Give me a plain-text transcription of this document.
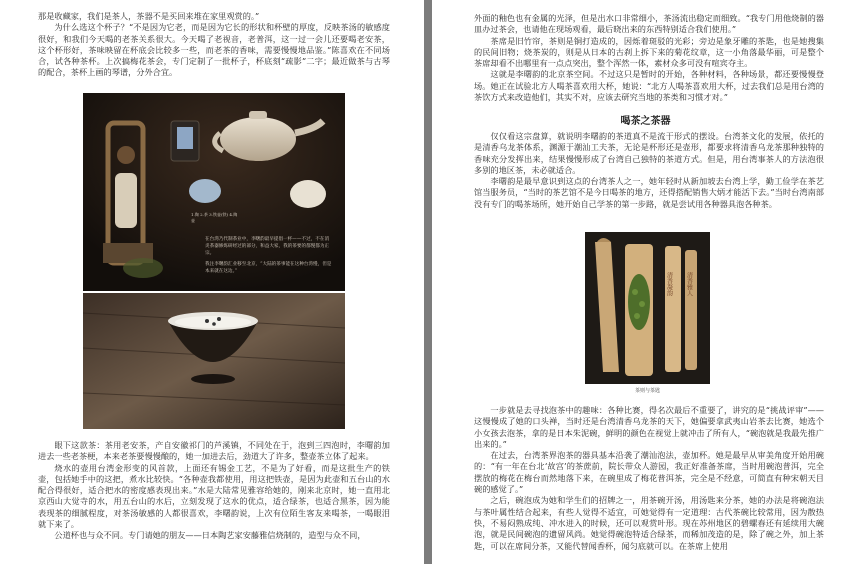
那是收藏家，我们是茶人，茶器不是买回来堆在家里观赏的。”

为什么选这个杯子？“不是因为它老，而是因为它长的形状和杯壁的厚度，反映茶汤的敏感度很好，和我们今天喝的老茶关系很大。今天喝了老视音，老普洱，这一过一会儿还要喝老安茶，这个杯形好，茶味映留在杯底会比较多一些，而老茶的香味，需要慢慢地品鉴。”陈喜欢在不同场合，试各种茶杯。上次搞梅花茶会，专门定制了一批杯子，杯底刻“疏影”二字；最近做茶与古琴的配合，茶杯上画的琴谱，分外合宜。

眼下这款茶：茶用老安茶，产自安徽祁门的芦溪镇，不同处在于，泡到三四泡时，李曙韵加进去一些老茶梗，本来老茶要慢慢酿的，她一加进去后，劲道大了许多，整壶茶立体了起来。

烧水的壶用台湾金形变的风首款，上面还有锡金工艺，不是为了好看，而是这批生产的铁壶，包括她手中的这把，煮水比较快。“各种壶我都使用，用这把铁壶，是因为此壶和五台山的水配合得很好，适合把水的密度感表现出来。”水是大陆常见雅容给她的，刚来北京时，她一直用北京西山大觉寺的水，用五台山的水后，立刻发现了这水的优点，适合绿茶，也适合黑茶，因为能表现茶的细腻程度，对茶汤敏感的人都很喜欢，李曙韵说，上次有位陌生客友来喝茶，一喝眼泪就下来了。

公道杯也与众不同。专门请她的朋友——日本陶艺家安藤雅信烧制的，造型与众不同，

外面的釉色也有金属的光泽，但是出水口非常细小，茶汤流出稳定而细致。“我专门用他烧制的器皿办过茶会，也请他在现场观看，最后晓出来的东西特别适合我们使用。”

茶席是旧竹帘，茶则是铜打造成的，因烁着斑驳的光彩；旁边是象牙雕的茶匙，也是她搜集的民间旧物；烧茶炭的，则是从日本的古刹上拆下来的菊花纹章，这一小角落最华丽，可是整个茶席却看不出哪里有一点点突出，整个浑然一体，素材众多可没有喧宾夺主。

这就是李曙韵的北京茶空间。不过这只是暂时的开始，各种材料，各种场景，都还要慢慢登场。她正在试验北方人喝茶喜欢用大杯，她说：“北方人喝茶喜欢用大杯，过去我们总是用台湾的茶饮方式来改造他们，其实不对，应该去研究当地的茶类和习惯才对。”

仅仅看这宗盘算，就说明李曙韵的茶道真不是流于形式的摆设。台湾茶文化的发展，依托的是清香乌龙茶体系，渊源于潮汕工夫茶，无论是杯形还是壶形，都要求将清香乌龙茶那种独特的香味充分发挥出来，结果慢慢形成了台湾自己独特的茶道方式。但是，用台湾事茶人的方法泡很多别的地区茶，未必就适合。

李曙韵是最早意识到这点的台湾茶人之一，她年轻时从新加坡去台湾上学，勤工俭学在茶艺馆当服务员，“当时的茶艺馆不是今日喝茶的地方，还得搭配销售大炳才能活下去。”当时台湾南部没有专门的喝茶场所，她开始自己学茶的第一步路，就是尝试用各种器具泡各种茶。

一步就是去寻找泡茶中的趣味：各种比赛，得名次最后不重要了，讲究的是“挑战评审”——这慢慢成了她的口头禅，当时还是台湾清香乌龙茶的天下，她偏要拿武夷山岩茶去比赛，她选个小女孩去泡茶，拿的是日本朱泥碗，鲜明的颜色在视觉上就冲击了所有人，“碗泡就是我最先推广出来的。”

在过去，台湾茶界泡茶的器具基本沿袭了潮汕泡法，壶加杯。她是最早从审美角度开始用碗的：“有一年在台北‘故宫’的茶蔗前，院长带众人游园，我正好准备茶席，当时用碗泡普洱，完全摆放的梅花在梅台而然地落下来，在碗里成了梅花普洱茶，完全是不经意，可简直有种宋朝天目碗的感觉了。”

之后，碗泡成为她和学生们的招牌之一，用茶碗开汤，用汤匙来分茶，她的办法是将碗泡法与茶叶属性结合起来，有些人觉得不适宜，可她觉得有一定道理：古代茶碗比较常用，因为散热快，不易闷熟成纯、冲水进入的时候，还可以观赏叶形。现在苏州地区的碧螺春还有延续用大碗泡，就是民间碗泡的遗留风尚。她觉得碗泡特适合绿茶，而稀加茂造的是，除了碗之外，加上茶匙，可以在席间分茶，又能代替闻香杯，闻匀底就可以。在茶席上使用

喝茶之茶器
1.陶 2.茶 3.铁壶(铁) 4.陶壶
在台湾乃代制茶业中，李曙韵最早提倡一杯——不过，不在消炎茶器修炼研经过的部分，和益大家，我的茶要的都慢都为正宗。
我注李曙韵汇业移至北京，“大陆的茶事能在这种台湾慢，但是本来就在这边。”
清香凝韵 清香雅人
茶则与茶匙
